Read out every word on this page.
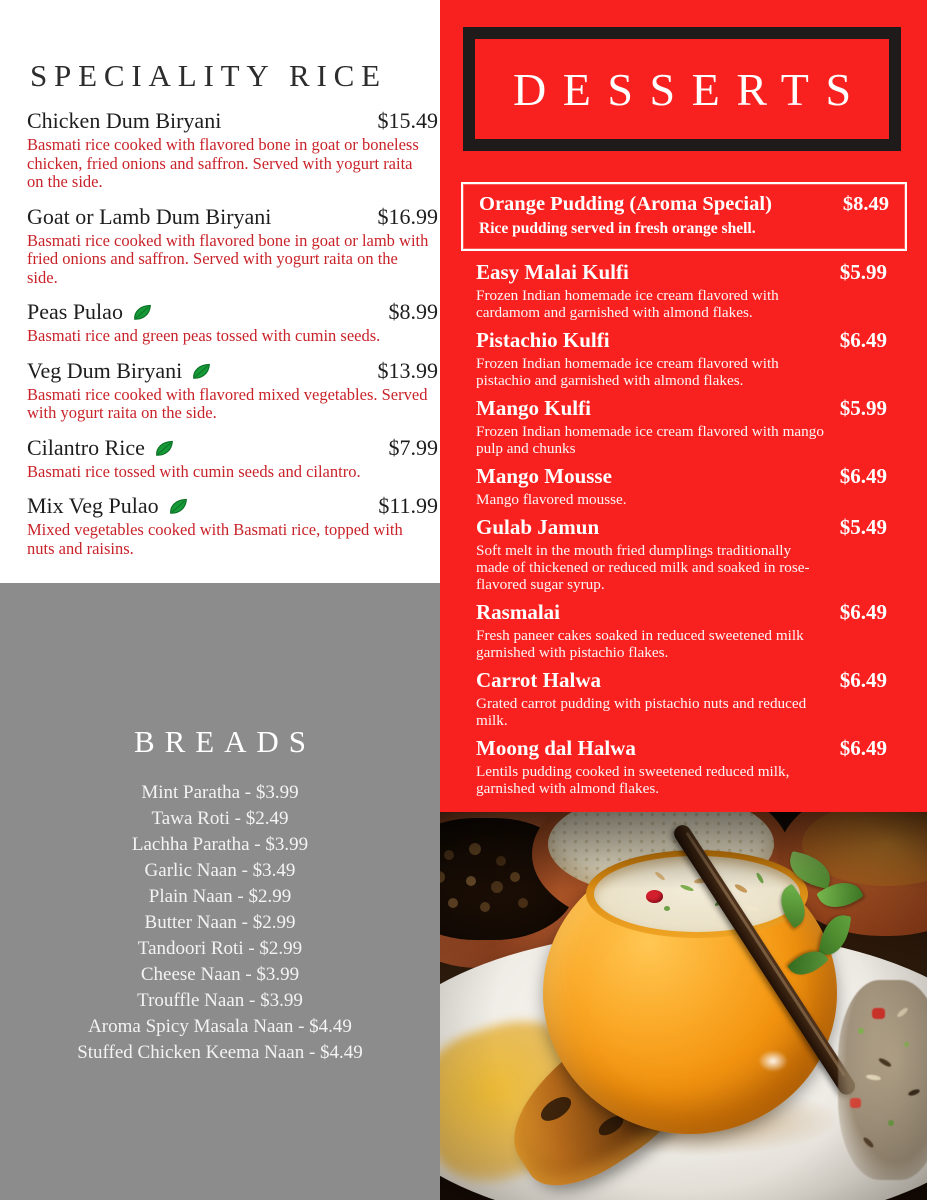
SPECIALITY RICE
Chicken Dum Biryani	$15.49
Basmati rice cooked with flavored bone in goat or boneless chicken, fried onions and saffron. Served with yogurt raita on the side.
Goat or Lamb Dum Biryani	$16.99
Basmati rice cooked with flavored bone in goat or lamb with fried onions and saffron. Served with yogurt raita on the side.
Peas Pulao	$8.99
Basmati rice and green peas tossed with cumin seeds.
Veg Dum Biryani	$13.99
Basmati rice cooked with flavored mixed vegetables. Served with yogurt raita on the side.
Cilantro Rice	$7.99
Basmati rice tossed with cumin seeds and cilantro.
Mix Veg Pulao	$11.99
Mixed vegetables cooked with Basmati rice, topped with nuts and raisins.
BREADS
Mint Paratha - $3.99
Tawa Roti - $2.49
Lachha Paratha - $3.99
Garlic Naan - $3.49
Plain Naan - $2.99
Butter Naan - $2.99
Tandoori Roti - $2.99
Cheese Naan - $3.99
Trouffle Naan - $3.99
Aroma Spicy Masala Naan - $4.49
Stuffed Chicken Keema Naan - $4.49
DESSERTS
Orange Pudding (Aroma Special)	$8.49
Rice pudding served in fresh orange shell.
Easy Malai Kulfi	$5.99
Frozen Indian homemade ice cream flavored with cardamom and garnished with almond flakes.
Pistachio Kulfi	$6.49
Frozen Indian homemade ice cream flavored with pistachio and garnished with almond flakes.
Mango Kulfi	$5.99
Frozen Indian homemade ice cream flavored with mango pulp and chunks
Mango Mousse	$6.49
Mango flavored mousse.
Gulab Jamun	$5.49
Soft melt in the mouth fried dumplings traditionally made of thickened or reduced milk and soaked in rose-flavored sugar syrup.
Rasmalai	$6.49
Fresh paneer cakes soaked in reduced sweetened milk garnished with pistachio flakes.
Carrot Halwa	$6.49
Grated carrot pudding with pistachio nuts and reduced milk.
Moong dal Halwa	$6.49
Lentils pudding cooked in sweetened reduced milk, garnished with almond flakes.
